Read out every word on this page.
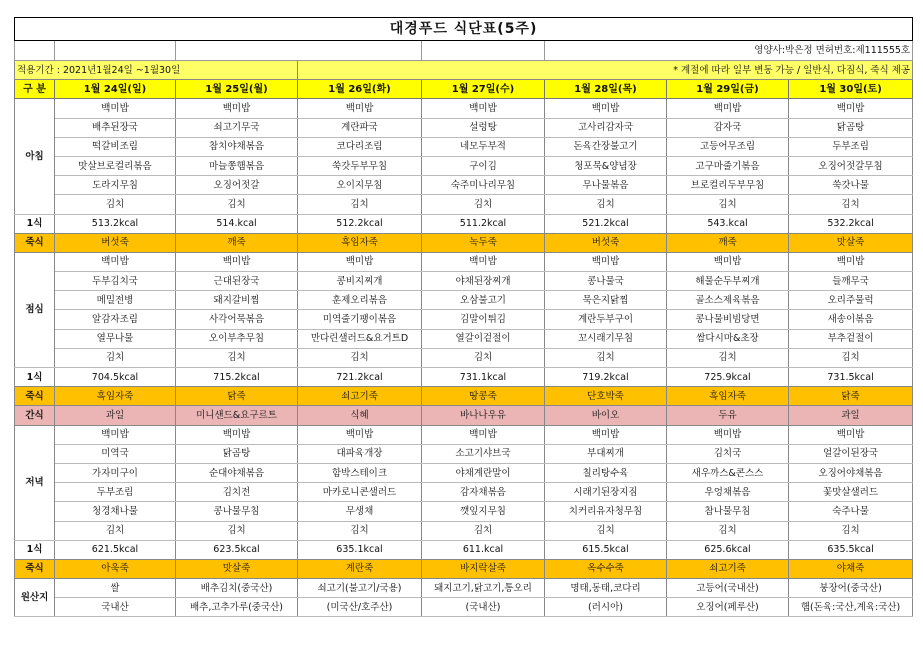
대경푸드 식단표(5주)							
					영양사:박은정 면허번호:제111555호		
적용기간 : 2021년1월24일 ~1월30일			* 계절에 따라 일부 변동 가능 / 일반식, 다짐식, 죽식 제공				
구 분	1월 24일(일)	1월 25일(월)	1월 26일(화)	1월 27일(수)	1월 28일(목)	1월 29일(금)	1월 30일(토)
아침	백미밥	백미밥	백미밥	백미밥	백미밥	백미밥	백미밥
	배추된장국	쇠고기무국	계란파국	설렁탕	고사리감자국	감자국	닭곰탕
	떡갈비조림	참치야채볶음	코다리조림	네모두부적	돈육간장불고기	고등어무조림	두부조림
	맛살브로컬리볶음	마늘쫑햄볶음	쑥갓두부무침	구이김	청포묵&양념장	고구마줄기볶음	오징어젓갈무침
	도라지무침	오징어젓갈	오이지무침	숙주미나리무침	무나물볶음	브로컬리두부무침	쑥갓나물
	김치	김치	김치	김치	김치	김치	김치
1식	513.2kcal	514.kcal	512.2kcal	511.2kcal	521.2kcal	543.kcal	532.2kcal
죽식	버섯죽	깨죽	흑임자죽	녹두죽	버섯죽	깨죽	맛살죽
점심	백미밥	백미밥	백미밥	백미밥	백미밥	백미밥	백미밥
	두부김치국	근대된장국	콩비지찌개	야채된장찌개	콩나물국	해물순두부찌개	들깨무국
	메밀전병	돼지갈비찜	훈제오리볶음	오삼불고기	묵은지닭찜	골소스제육볶음	오리주물럭
	알감자조림	사각어묵볶음	미역줄기팽이볶음	김말이튀김	계란두부구이	콩나물비빔당면	새송이볶음
	열무나물	오이부추무침	만다린샐러드&요거트D	열갈이겉절이	꼬시래기무침	쌈다시마&초장	부추겉절이
	김치	김치	김치	김치	김치	김치	김치
1식	704.5kcal	715.2kcal	721.2kcal	731.1kcal	719.2kcal	725.9kcal	731.5kcal
죽식	흑임자죽	닭죽	쇠고기죽	땅콩죽	단호박죽	흑임자죽	닭죽
간식	과일	미니샌드&요구르트	식혜	바나나우유	바이오	두유	과일
저녁	백미밥	백미밥	백미밥	백미밥	백미밥	백미밥	백미밥
	미역국	닭곰탕	대파육개장	소고기샤브국	부대찌개	김치국	얼갈이된장국
	가자미구이	순대야채볶음	함박스테이크	야채계란말이	칠리탕수육	새우까스&콘스스	오징어야채볶음
	두부조림	김치전	마카로니콘샐러드	감자채볶음	시래기된장지짐	우엉채볶음	꽃맛살샐러드
	청경채나물	콩나물무침	무생채	깻잎지무침	치커리유자청무침	참나물무침	숙주나물
	김치	김치	김치	김치	김치	김치	김치
1식	621.5kcal	623.5kcal	635.1kcal	611.kcal	615.5kcal	625.6kcal	635.5kcal
죽식	아욱죽	맛살죽	계란죽	바지락살죽	옥수수죽	쇠고기죽	야채죽
원산지	쌀	배추김치(중국산)	쇠고기(불고기/국용)	돼지고기,닭고기,통오리	명태,동태,코다리	고등어(국내산)	붕장어(중국산)
	국내산	배추,고추가루(중국산)	(미국산/호주산)	(국내산)	(러시아)	오징어(페루산)	햄(돈육:국산,계육:국산)
